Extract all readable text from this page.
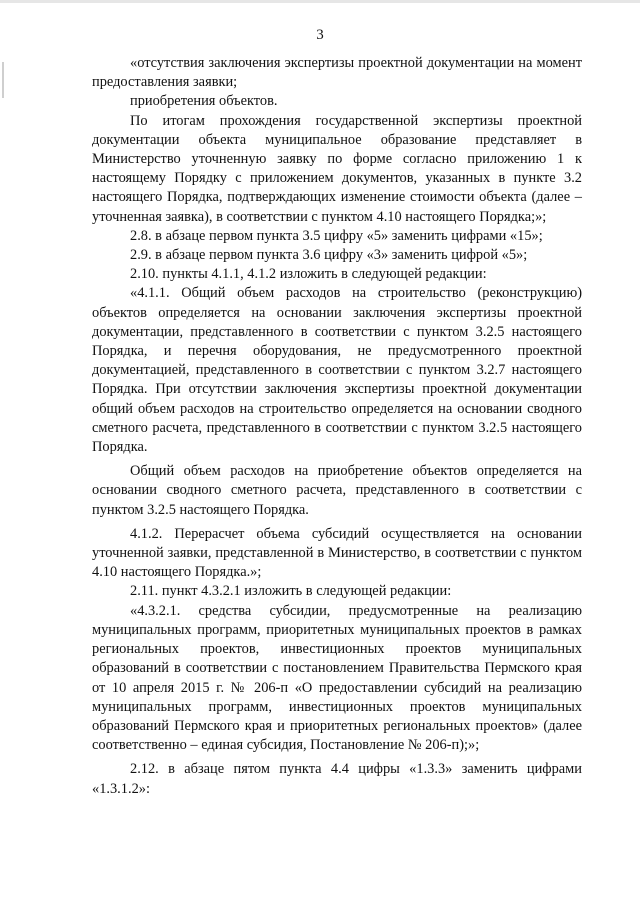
3

«отсутствия заключения экспертизы проектной документации на момент предоставления заявки;

приобретения объектов.

По итогам прохождения государственной экспертизы проектной документации объекта муниципальное образование представляет в Министерство уточненную заявку по форме согласно приложению 1 к настоящему Порядку с приложением документов, указанных в пункте 3.2 настоящего Порядка, подтверждающих изменение стоимости объекта (далее – уточненная заявка), в соответствии с пунктом 4.10 настоящего Порядка;»;

2.8. в абзаце первом пункта 3.5 цифру «5» заменить цифрами «15»;

2.9. в абзаце первом пункта 3.6 цифру «3» заменить цифрой «5»;

2.10. пункты 4.1.1, 4.1.2 изложить в следующей редакции:

«4.1.1. Общий объем расходов на строительство (реконструкцию) объектов определяется на основании заключения экспертизы проектной документации, представленного в соответствии с пунктом 3.2.5 настоящего Порядка, и перечня оборудования, не предусмотренного проектной документацией, представленного в соответствии с пунктом 3.2.7 настоящего Порядка. При отсутствии заключения экспертизы проектной документации общий объем расходов на строительство определяется на основании сводного сметного расчета, представленного в соответствии с пунктом 3.2.5 настоящего Порядка.

Общий объем расходов на приобретение объектов определяется на основании сводного сметного расчета, представленного в соответствии с пунктом 3.2.5 настоящего Порядка.

4.1.2. Перерасчет объема субсидий осуществляется на основании уточненной заявки, представленной в Министерство, в соответствии с пунктом 4.10 настоящего Порядка.»;

2.11. пункт 4.3.2.1 изложить в следующей редакции:

«4.3.2.1. средства субсидии, предусмотренные на реализацию муниципальных программ, приоритетных муниципальных проектов в рамках региональных проектов, инвестиционных проектов муниципальных образований в соответствии с постановлением Правительства Пермского края от 10 апреля 2015 г. № 206-п «О предоставлении субсидий на реализацию муниципальных программ, инвестиционных проектов муниципальных образований Пермского края и приоритетных региональных проектов» (далее соответственно – единая субсидия, Постановление № 206-п);»;

2.12. в абзаце пятом пункта 4.4 цифры «1.3.3» заменить цифрами «1.3.1.2»:
